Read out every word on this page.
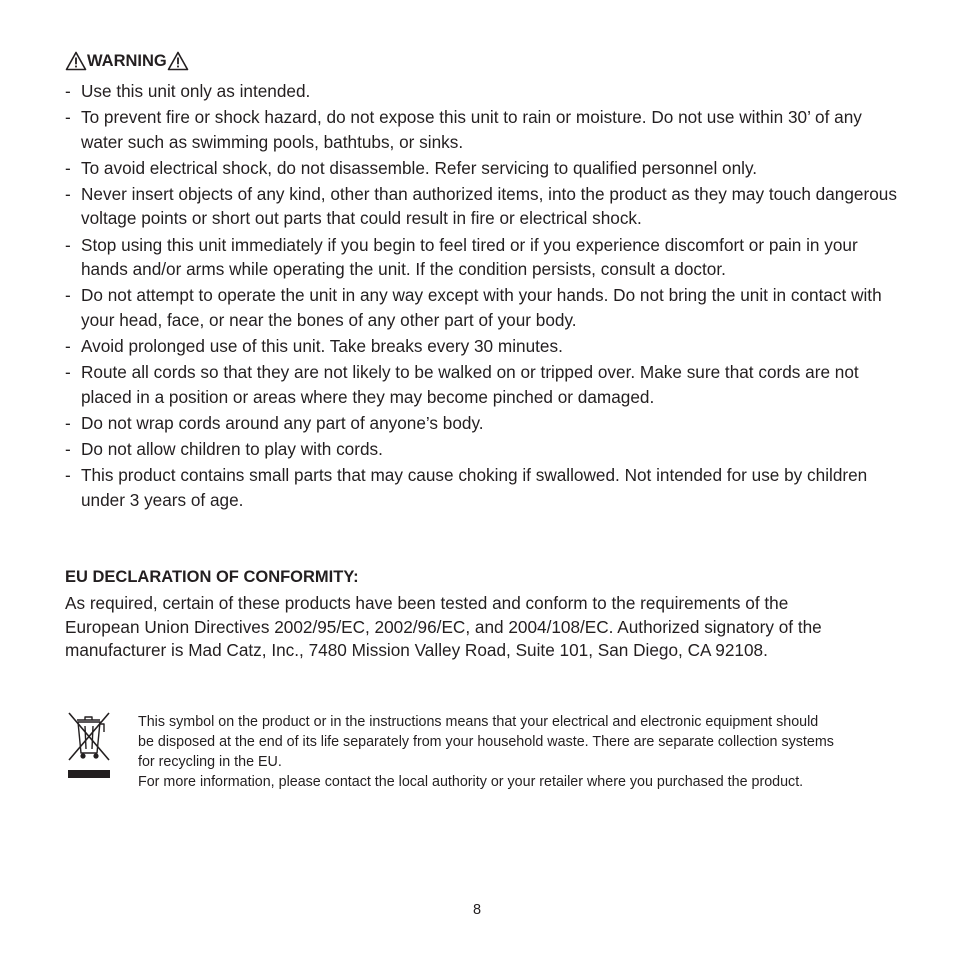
WARNING
- Use this unit only as intended.
- To prevent fire or shock hazard, do not expose this unit to rain or moisture. Do not use within 30’ of any water such as swimming pools, bathtubs, or sinks.
- To avoid electrical shock, do not disassemble. Refer servicing to qualified personnel only.
- Never insert objects of any kind, other than authorized items, into the product as they may touch dangerous voltage points or short out parts that could result in fire or electrical shock.
- Stop using this unit immediately if you begin to feel tired or if you experience discomfort or pain in your hands and/or arms while operating the unit. If the condition persists, consult a doctor.
- Do not attempt to operate the unit in any way except with your hands. Do not bring the unit in contact with your head, face, or near the bones of any other part of your body.
- Avoid prolonged use of this unit. Take breaks every 30 minutes.
- Route all cords so that they are not likely to be walked on or tripped over. Make sure that cords are not placed in a position or areas where they may become pinched or damaged.
- Do not wrap cords around any part of anyone’s body.
- Do not allow children to play with cords.
- This product contains small parts that may cause choking if swallowed. Not intended for use by children under 3 years of age.
EU DECLARATION OF CONFORMITY:

As required, certain of these products have been tested and conform to the requirements of the European Union Directives 2002/95/EC, 2002/96/EC, and 2004/108/EC. Authorized signatory of the manufacturer is Mad Catz, Inc., 7480 Mission Valley Road, Suite 101, San Diego, CA 92108.

This symbol on the product or in the instructions means that your electrical and electronic equipment should be disposed at the end of its life separately from your household waste. There are separate collection systems for recycling in the EU.

For more information, please contact the local authority or your retailer where you purchased the product.

8
